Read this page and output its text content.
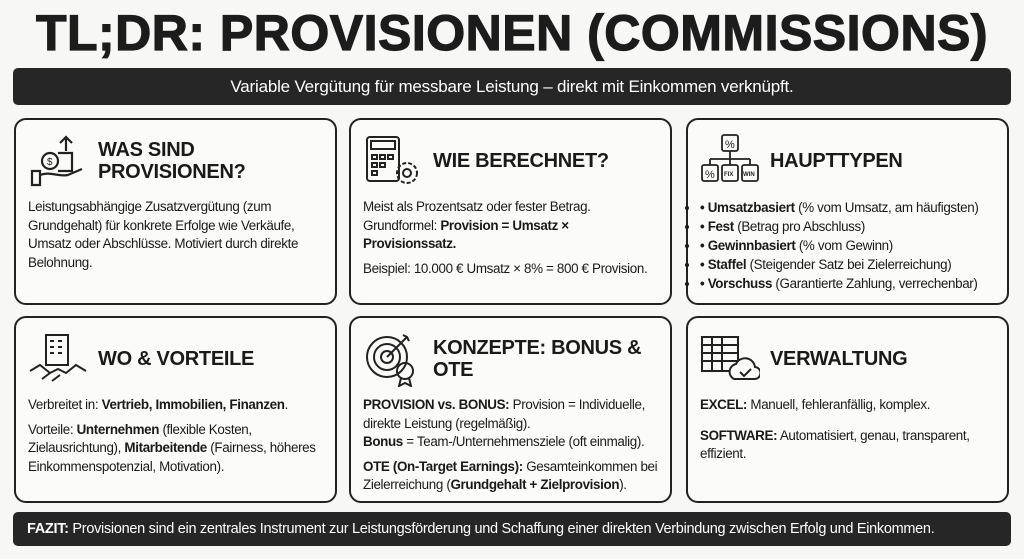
TL;DR: PROVISIONEN (COMMISSIONS)
Variable Vergütung für messbare Leistung – direkt mit Einkommen verknüpft.
$
WAS SIND PROVISIONEN?

Leistungsabhängige Zusatzvergütung (zum Grundgehalt) für konkrete Erfolge wie Verkäufe, Umsatz oder Abschlüsse. Motiviert durch direkte Belohnung.

WIE BERECHNET?
Meist als Prozentsatz oder fester Betrag.

Grundformel: Provision = Umsatz × Provisionssatz.

Beispiel: 10.000 € Umsatz × 8% = 800 € Provision.

%
% FIX WIN
HAUPTTYPEN
• • Umsatzbasiert (% vom Umsatz, am häufigsten)
• • Fest (Betrag pro Abschluss)
• • Gewinnbasiert (% vom Gewinn)
• • Staffel (Steigender Satz bei Zielerreichung)
• • Vorschuss (Garantierte Zahlung, verrechenbar)
WO & VORTEILE

Verbreitet in: Vertrieb, Immobilien, Finanzen.

Vorteile: Unternehmen (flexible Kosten, Zielausrichtung), Mitarbeitende (Fairness, höheres Einkommenspotenzial, Motivation).

KONZEPTE: BONUS & OTE

PROVISION vs. BONUS: Provision = Individuelle, direkte Leistung (regelmäßig).
Bonus = Team-/Unternehmensziele (oft einmalig).

OTE (On-Target Earnings): Gesamteinkommen bei Zielerreichung (Grundgehalt + Zielprovision).

VERWALTUNG

EXCEL: Manuell, fehleranfällig, komplex.

SOFTWARE: Automatisiert, genau, transparent, effizient.

FAZIT: Provisionen sind ein zentrales Instrument zur Leistungsförderung und Schaffung einer direkten Verbindung zwischen Erfolg und Einkommen.
